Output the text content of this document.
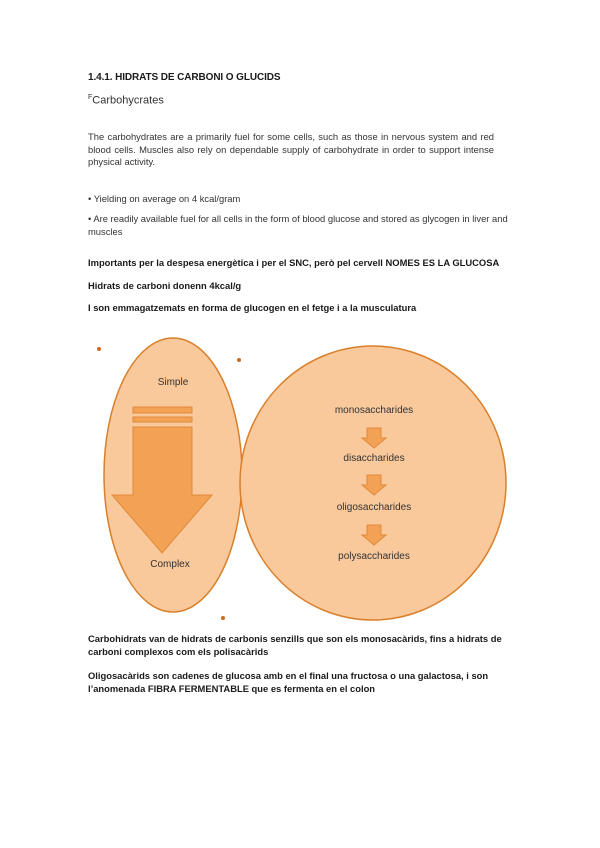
1.4.1. HIDRATS DE CARBONI O GLUCIDS
$^F$Carbohycrates
The carbohydrates are a primarily fuel for some cells, such as those in nervous system and red blood cells. Muscles also rely on dependable supply of carbohydrate in order to support intense physical activity.
• Yielding on average on 4 kcal/gram
• Are readily available fuel for all cells in the form of blood glucose and stored as glycogen in liver and muscles
Importants per la despesa energètica i per el SNC, però pel cervell NOMES ES LA GLUCOSA
Hidrats de carboni donenn 4kcal/g
I son emmagatzemats en forma de glucogen en el fetge i a la musculatura
Simple
Complex
monosaccharides
disaccharides
oligosaccharides
polysaccharides
Carbohidrats van de hidrats de carbonis senzills que son els monosacàrids, fins a hidrats de carboni complexos com els polisacàrids
Oligosacàrids son cadenes de glucosa amb en el final una fructosa o una galactosa, i son l’anomenada FIBRA FERMENTABLE que es fermenta en el colon
